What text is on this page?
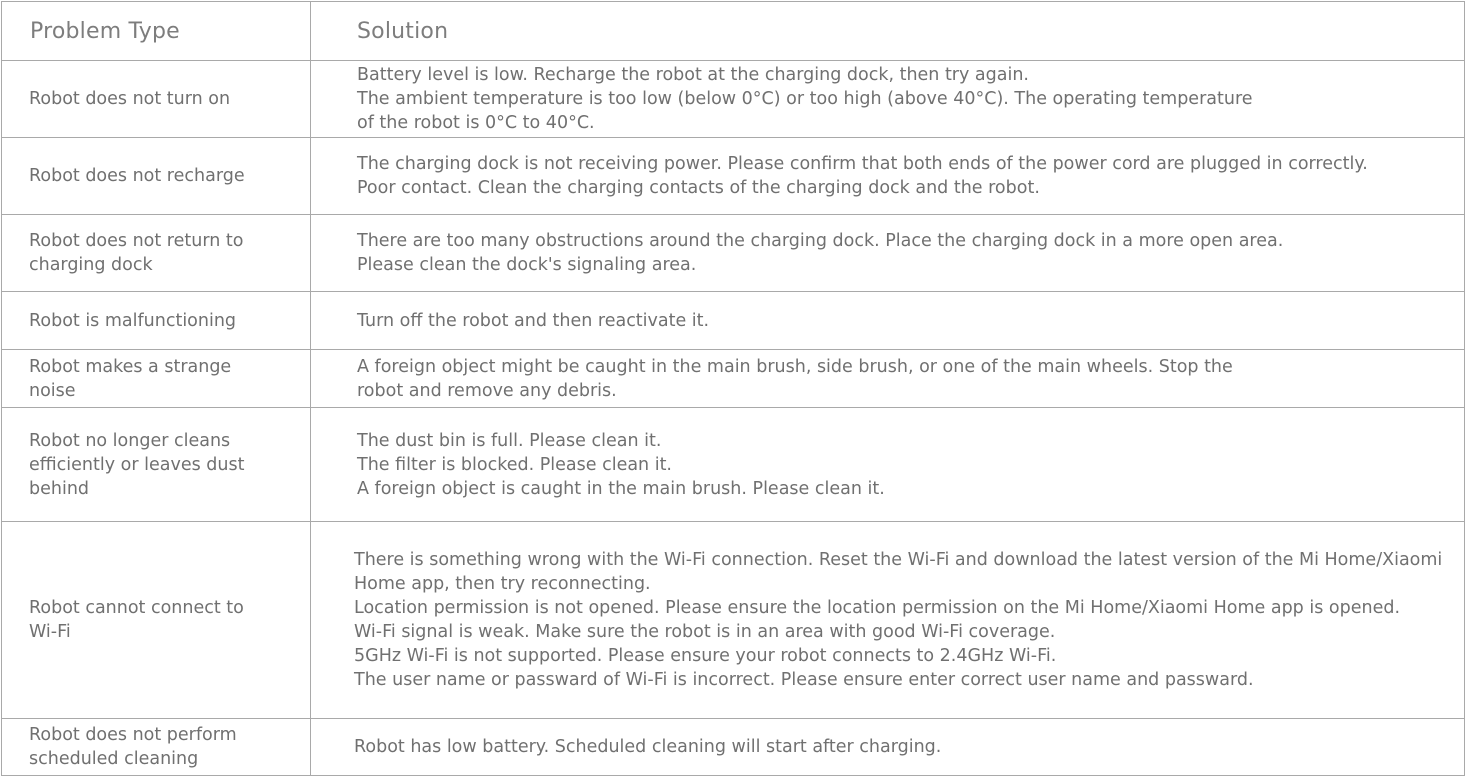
Problem Type	Solution
Robot does not turn on	Battery level is low. Recharge the robot at the charging dock, then try again.
The ambient temperature is too low (below 0°C) or too high (above 40°C). The operating temperature of the robot is 0°C to 40°C.

Robot does not recharge	The charging dock is not receiving power. Please confirm that both ends of the power cord are plugged in correctly.
Poor contact. Clean the charging contacts of the charging dock and the robot.

Robot does not return to charging dock	There are too many obstructions around the charging dock. Place the charging dock in a more open area.
Please clean the dock's signaling area.

Robot is malfunctioning	Turn off the robot and then reactivate it.

Robot makes a strange noise	A foreign object might be caught in the main brush, side brush, or one of the main wheels. Stop the robot and remove any debris.

Robot no longer cleans efficiently or leaves dust behind	The dust bin is full. Please clean it.
The filter is blocked. Please clean it.
A foreign object is caught in the main brush. Please clean it.

Robot cannot connect to Wi-Fi	There is something wrong with the Wi-Fi connection. Reset the Wi-Fi and download the latest version of the Mi Home/Xiaomi Home app, then try reconnecting.
Location permission is not opened. Please ensure the location permission on the Mi Home/Xiaomi Home app is opened.
Wi-Fi signal is weak. Make sure the robot is in an area with good Wi-Fi coverage.
5GHz Wi-Fi is not supported. Please ensure your robot connects to 2.4GHz Wi-Fi.
The user name or passward of Wi-Fi is incorrect. Please ensure enter correct user name and passward.

Robot does not perform scheduled cleaning	Robot has low battery. Scheduled cleaning will start after charging.
